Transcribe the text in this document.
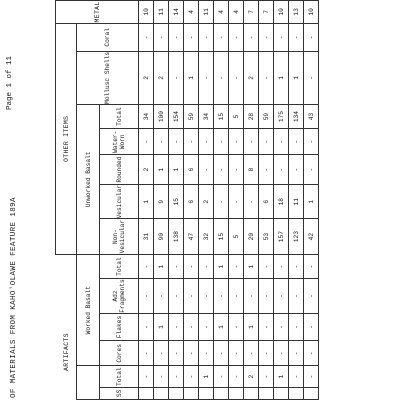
OF MATERIALS FROM KAHO'OLAWE FEATURE 189A
Page 1 of 11
ARTIFACTS						OTHER ITEMS							METAL
		Worked Basalt				Unworked Basalt					Mollusc Shells	Coral	
SS	Total	Cores	Flakes	Adz Fragments	Total	Non-Vesicular	Vesicular	Rounded	Water-Worn	Total			
	-	-	-	-	-	31	1	2	-	34	2	-	10
	-	-	1	-	1	90	9	1	-	100	2	-	11
	-	-	-	-	-	138	15	1	-	154	-	-	14
	-	-	-	-	-	47	6	6	-	59	1	-	4
	1	-	-	-	-	32	2	-	-	34	-	-	11
	-	-	1	-	1	15	-	-	-	15	-	-	4
	-	-	-	-	-	5	-	-	-	5	-	-	4
	2	-	1	-	1	20	-	8	-	28	2	-	7
	-	-	-	-	-	53	6	-	-	59	-	-	7
	1	-	-	-	-	157	18	-	-	175	1	-	10
	-	-	-	-	-	123	11	-	-	134	1	-	13
	-	-	-	-	-	42	1	-	-	43	-	-	10
